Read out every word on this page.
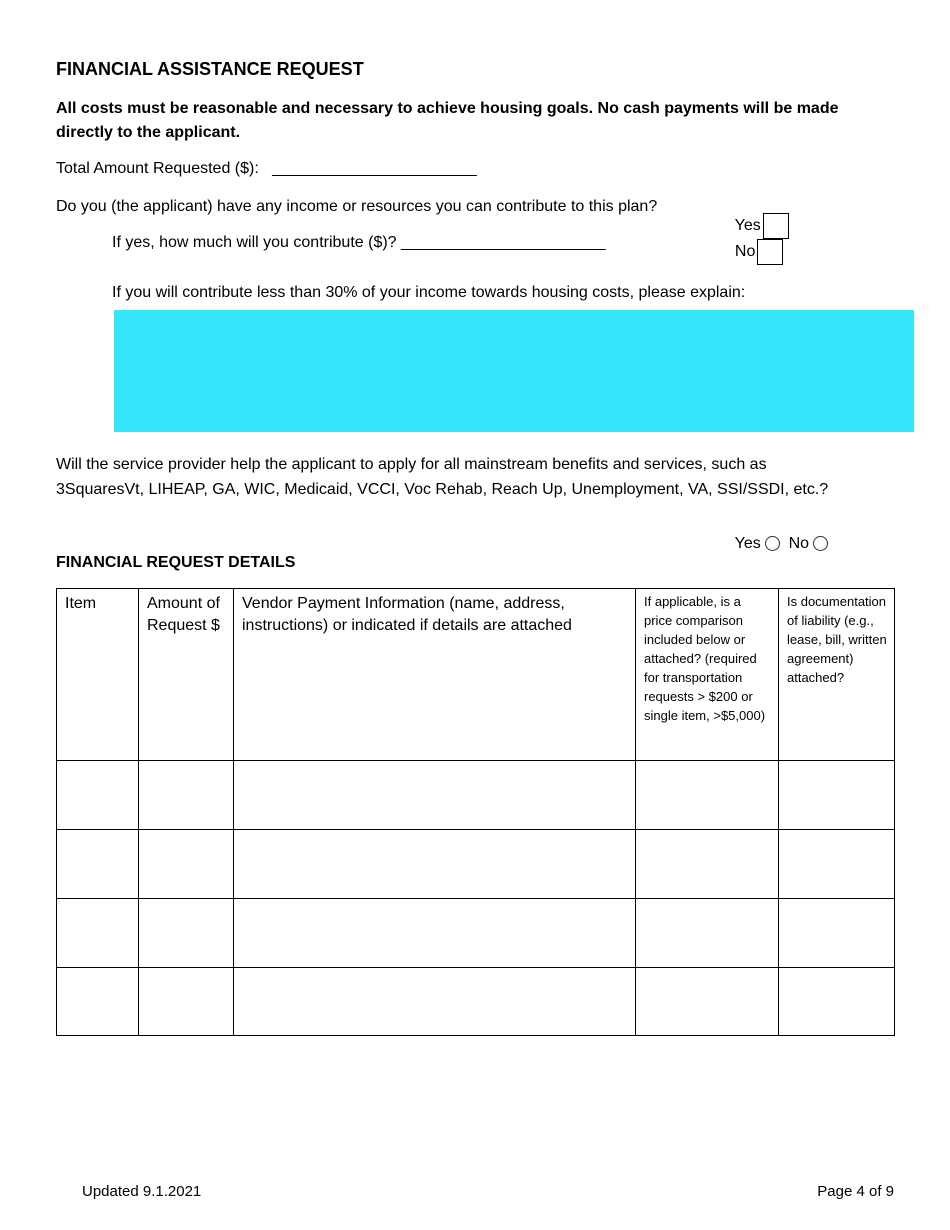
FINANCIAL ASSISTANCE REQUEST
All costs must be reasonable and necessary to achieve housing goals. No cash payments will be made directly to the applicant.
Total Amount Requested ($): _______________________
Do you (the applicant) have any income or resources you can contribute to this plan?

Yes
No

If yes, how much will you contribute ($)? _______________________
If you will contribute less than 30% of your income towards housing costs, please explain:
Will the service provider help the applicant to apply for all mainstream benefits and services, such as
3SquaresVt, LIHEAP, GA, WIC, Medicaid, VCCI, Voc Rehab, Reach Up, Unemployment, VA, SSI/SSDI, etc.?

Yes No

FINANCIAL REQUEST DETAILS
Item	Amount of Request $	Vendor Payment Information (name, address, instructions) or indicated if details are attached	If applicable, is a price comparison included below or attached? (required for transportation requests > $200 or single item, >$5,000)	Is documentation of liability (e.g., lease, bill, written agreement) attached?

Updated 9.1.2021	Page 4 of 9
